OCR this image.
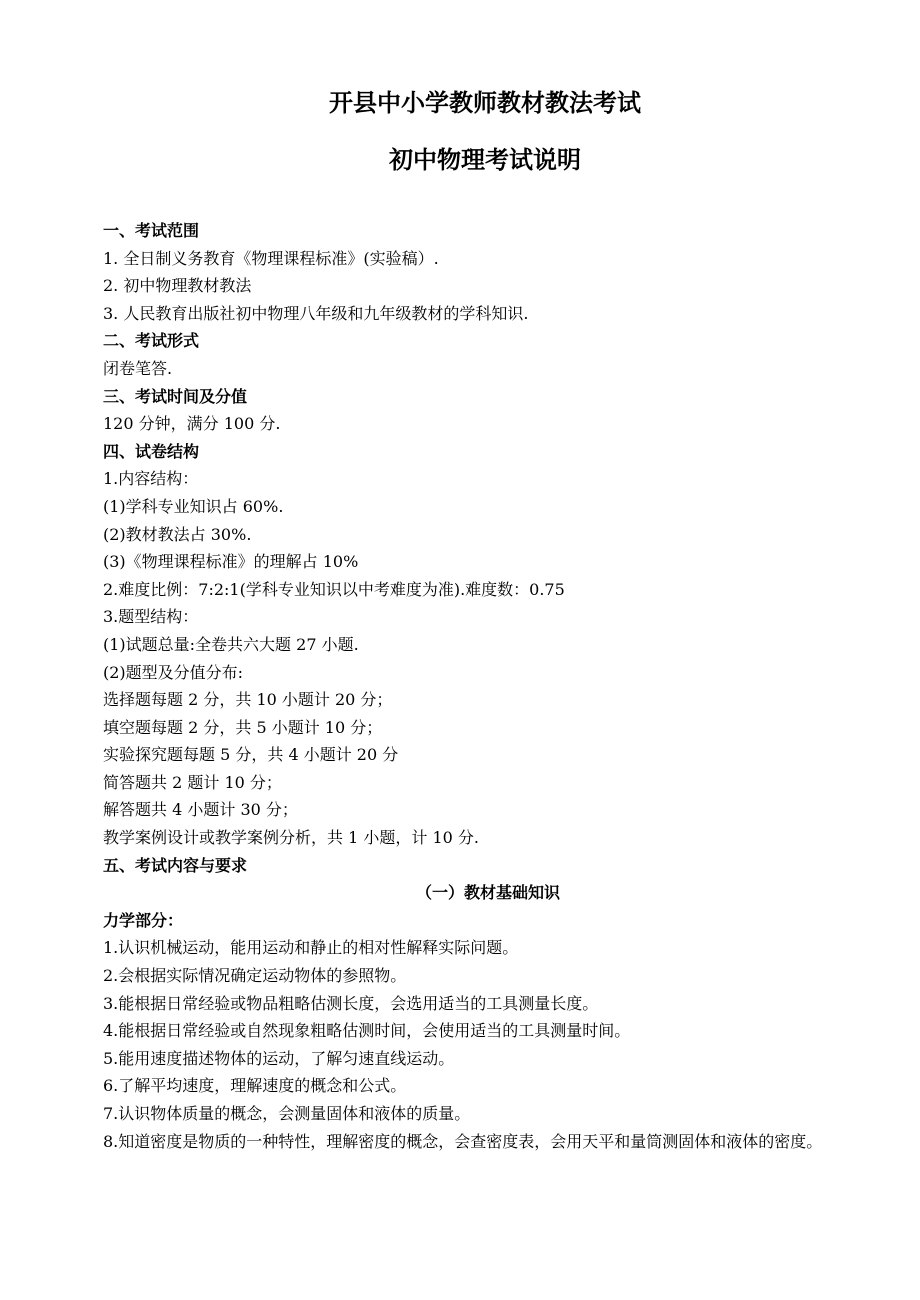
开县中小学教师教材教法考试
初中物理考试说明

一、考试范围

1. 全日制义务教育《物理课程标准》(实验稿）.

2. 初中物理教材教法

3. 人民教育出版社初中物理八年级和九年级教材的学科知识.

二、考试形式

闭卷笔答.

三、考试时间及分值

120 分钟，满分 100 分.

四、试卷结构

1.内容结构：

(1)学科专业知识占 60%.

(2)教材教法占 30%.

(3)《物理课程标准》的理解占 10%

2.难度比例：7:2:1(学科专业知识以中考难度为准).难度数：0.75

3.题型结构：

(1)试题总量:全卷共六大题 27 小题.

(2)题型及分值分布:

选择题每题 2 分，共 10 小题计 20 分；

填空题每题 2 分，共 5 小题计 10 分；

实验探究题每题 5 分，共 4 小题计 20 分

简答题共 2 题计 10 分；

解答题共 4 小题计 30 分；

教学案例设计或教学案例分析，共 1 小题，计 10 分.

五、考试内容与要求

（一）教材基础知识

力学部分：

1.认识机械运动，能用运动和静止的相对性解释实际问题。

2.会根据实际情况确定运动物体的参照物。

3.能根据日常经验或物品粗略估测长度，会选用适当的工具测量长度。

4.能根据日常经验或自然现象粗略估测时间，会使用适当的工具测量时间。

5.能用速度描述物体的运动，了解匀速直线运动。

6.了解平均速度，理解速度的概念和公式。

7.认识物体质量的概念，会测量固体和液体的质量。

8.知道密度是物质的一种特性，理解密度的概念，会查密度表，会用天平和量筒测固体和液体的密度。
